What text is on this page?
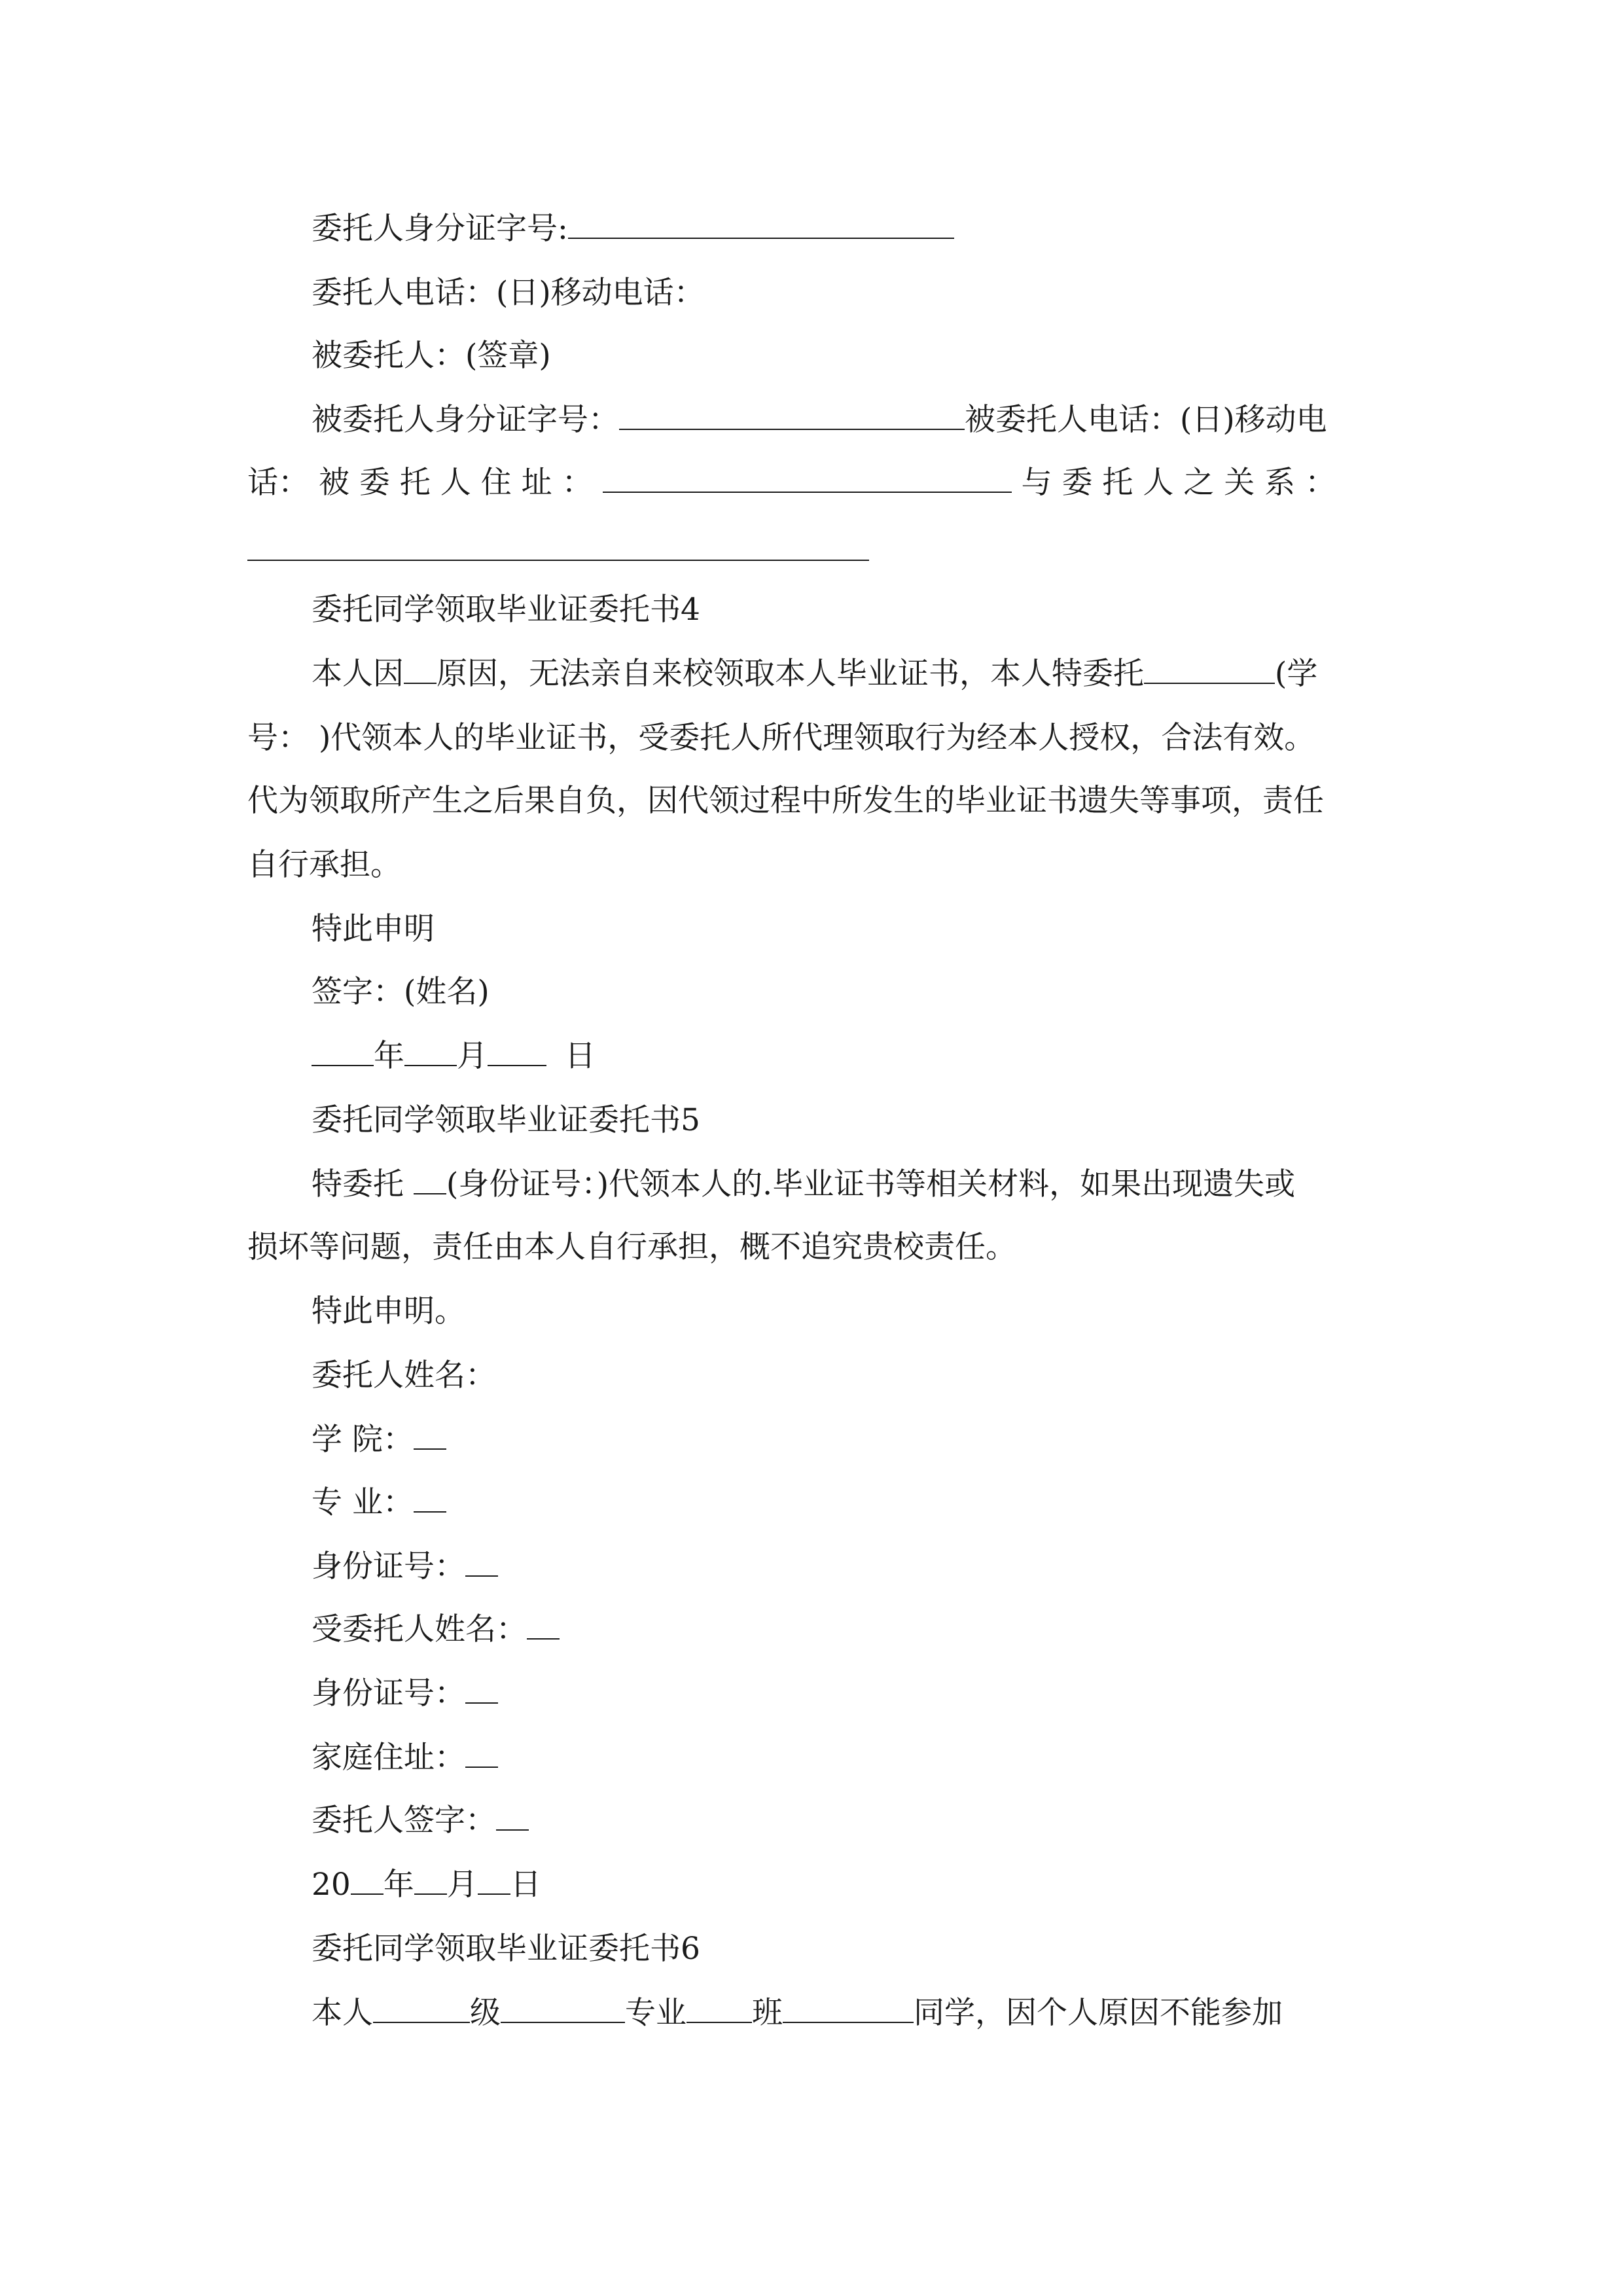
委托人身分证字号:
委托人电话：(日)移动电话：
被委托人：(签章)
被委托人身分证字号：	被委托人电话：(日)移动电
话： 被 委 托 人 住 址 ：	与 委 托 人 之 关 系 ：
委托同学领取毕业证委托书4
本人因 原因，无法亲自来校领取本人毕业证书，本人特委托	(学
号： )代领本人的毕业证书，受委托人所代理领取行为经本人授权，合法有效。
代为领取所产生之后果自负，因代领过程中所发生的毕业证书遗失等事项，责任
自行承担。
特此申明
签字：(姓名)
年 月	日
委托同学领取毕业证委托书5
特委托 (身份证号：)代领本人的.毕业证书等相关材料，如果出现遗失或
损坏等问题，责任由本人自行承担，概不追究贵校责任。
特此申明。
委托人姓名：
学 院：
专 业：
身份证号：
受委托人姓名：
身份证号：
家庭住址：
委托人签字：
20 年 月 日
委托同学领取毕业证委托书6
本人	级	专业 班	同学，因个人原因不能参加
